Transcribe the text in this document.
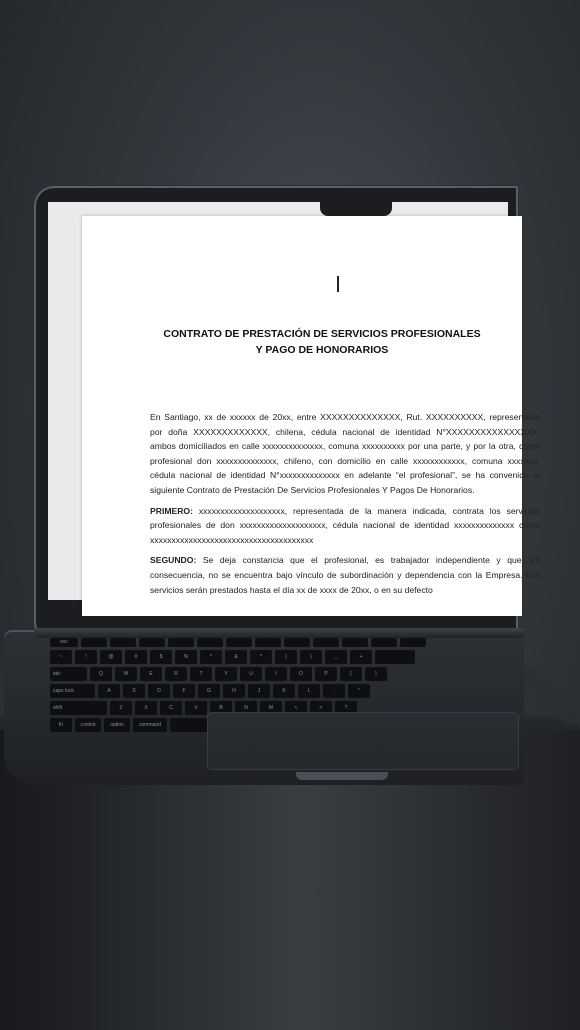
CONTRATO DE PRESTACIÓN DE SERVICIOS PROFESIONALES
Y PAGO DE HONORARIOS

En Santiago, xx de xxxxxx de 20xx, entre XXXXXXXXXXXXXX, Rut. XXXXXXXXXX, representada por doña XXXXXXXXXXXXX, chilena, cédula nacional de identidad N°XXXXXXXXXXXXXXXX, ambos domiciliados en calle xxxxxxxxxxxxxx, comuna xxxxxxxxxx por una parte, y por la otra, como profesional don xxxxxxxxxxxxxx, chileno, con domicilio en calle xxxxxxxxxxxx, comuna xxxxxxx, cédula nacional de identidad N°xxxxxxxxxxxxxx en adelante “el profesional”, se ha convenido el siguiente Contrato de Prestación De Servicios Profesionales Y Pagos De Honorarios.

PRIMERO: xxxxxxxxxxxxxxxxxxxx, representada de la manera indicada, contrata los servicios profesionales de don xxxxxxxxxxxxxxxxxxxx, cédula nacional de identidad xxxxxxxxxxxxxx como xxxxxxxxxxxxxxxxxxxxxxxxxxxxxxxxxxxxxx

SEGUNDO: Se deja constancia que el profesional, es trabajador independiente y que, en consecuencia, no se encuentra bajo vínculo de subordinación y dependencia con la Empresa. Los servicios serán prestados hasta el día xx de xxxx de 20xx, o en su defecto

esc
~	!	@	#	$	%	^	&	*	(	)	_	+
tab	Q	W	E	R	T	Y	U	I	O	P	{	}
caps lock	A	S	D	F	G	H	J	K	L	:	"
shift	Z	X	C	V	B	N	M	<	>	?
fn	control	option	command
